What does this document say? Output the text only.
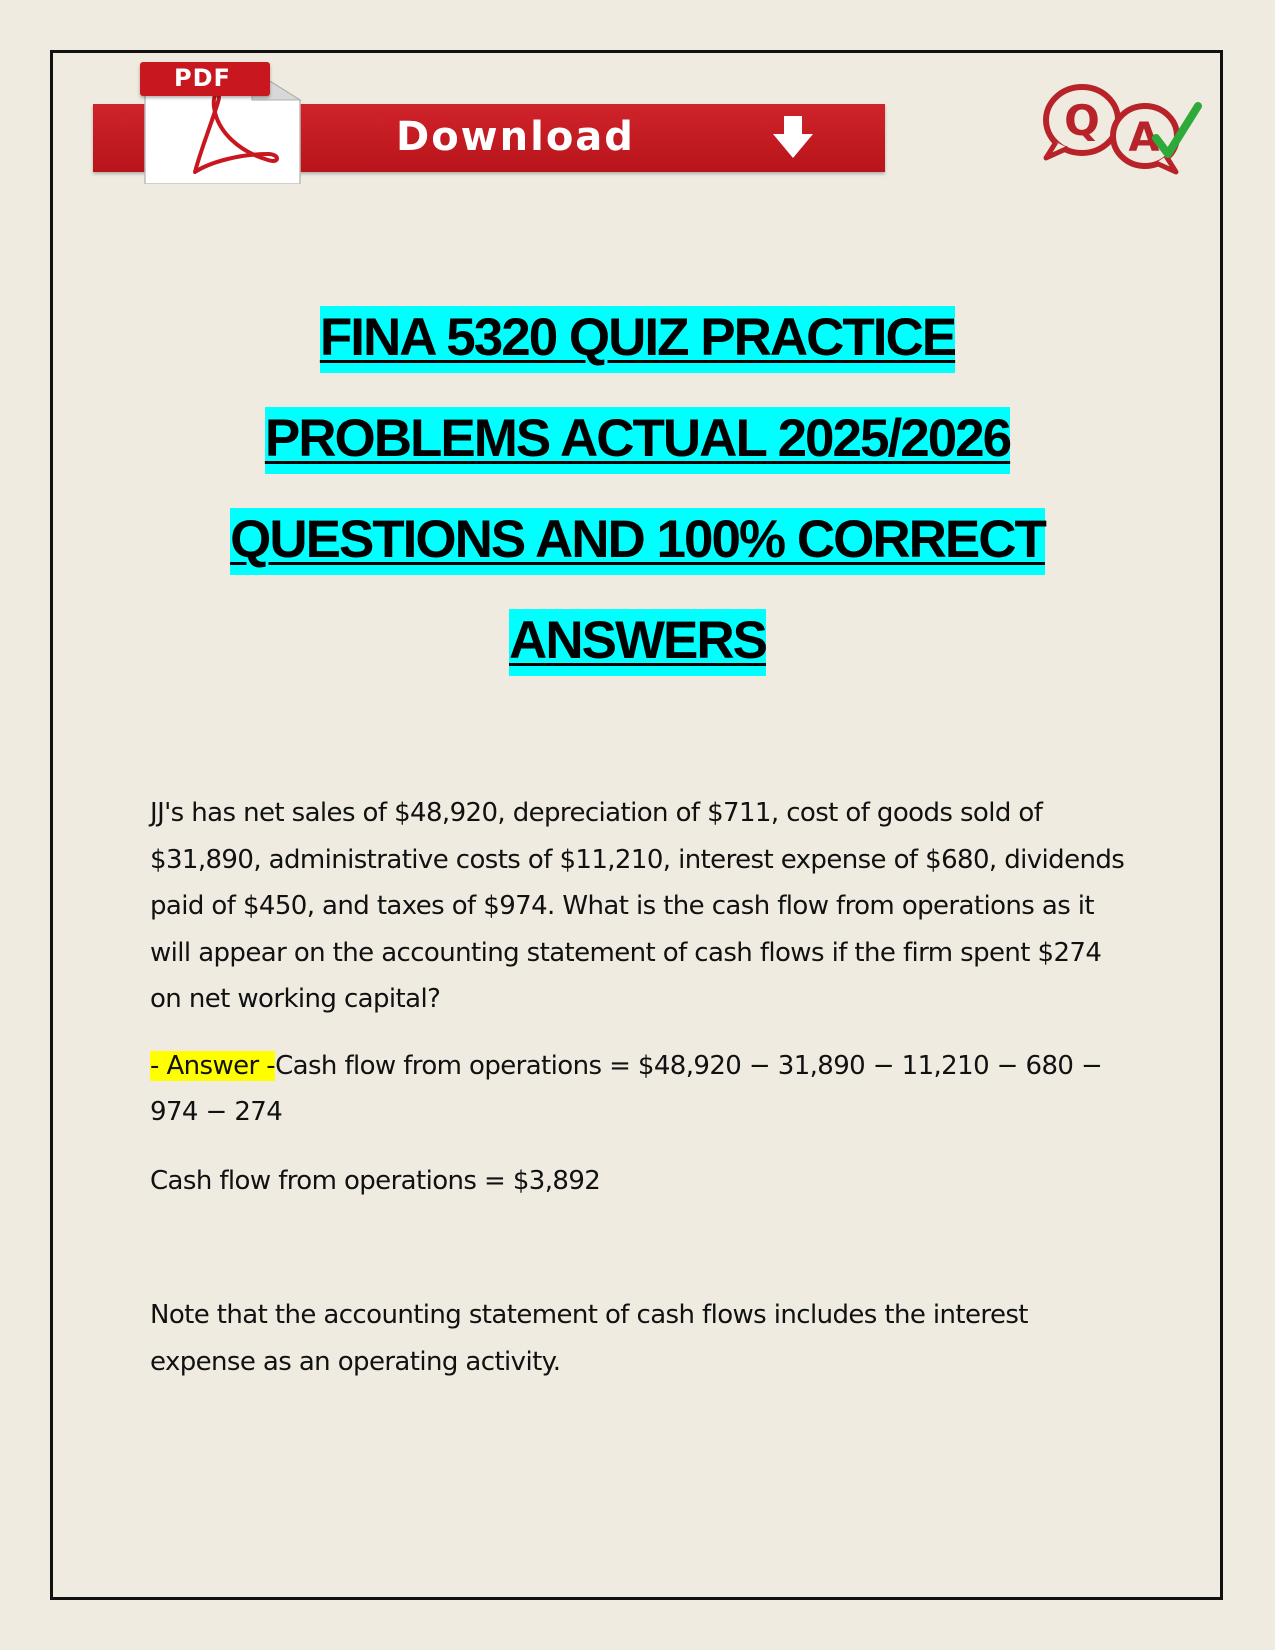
Download
PDF
Q A
FINA 5320 QUIZ PRACTICE
PROBLEMS ACTUAL 2025/2026
QUESTIONS AND 100% CORRECT
ANSWERS

JJ's has net sales of $48,920, depreciation of $711, cost of goods sold of $31,890, administrative costs of $11,210, interest expense of $680, dividends paid of $450, and taxes of $974. What is the cash flow from operations as it will appear on the accounting statement of cash flows if the firm spent $274 on net working capital?

- Answer -Cash flow from operations = $48,920 − 31,890 − 11,210 − 680 − 974 − 274

Cash flow from operations = $3,892

Note that the accounting statement of cash flows includes the interest expense as an operating activity.
